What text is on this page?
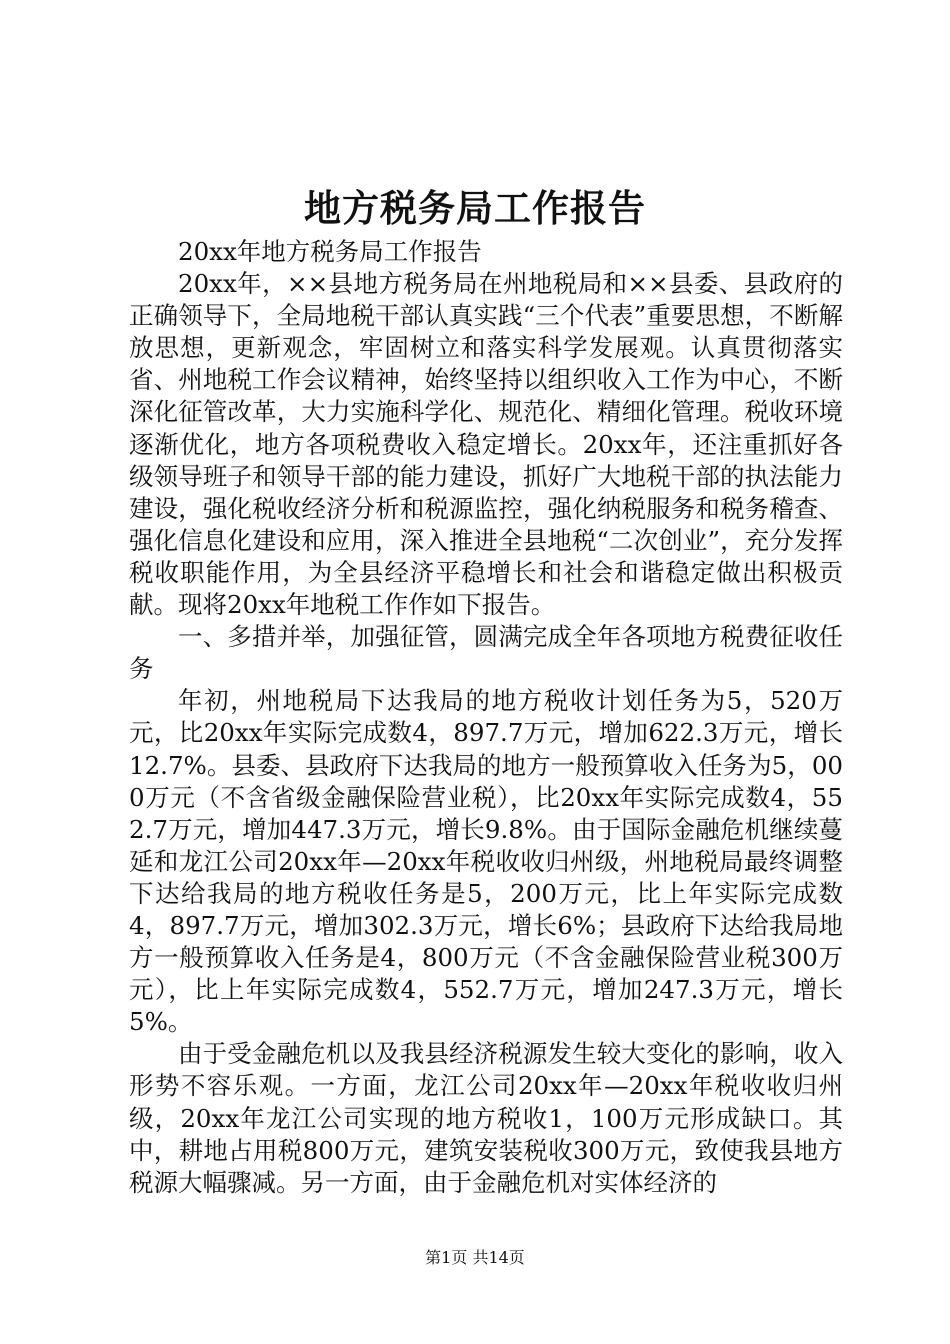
地方税务局工作报告

20xx年地方税务局工作报告

20xx年，××县地方税务局在州地税局和××县委、县政府的正确领导下，全局地税干部认真实践“三个代表”重要思想，不断解放思想，更新观念，牢固树立和落实科学发展观。认真贯彻落实省、州地税工作会议精神，始终坚持以组织收入工作为中心，不断深化征管改革，大力实施科学化、规范化、精细化管理。税收环境逐渐优化，地方各项税费收入稳定增长。20xx年，还注重抓好各级领导班子和领导干部的能力建设，抓好广大地税干部的执法能力建设，强化税收经济分析和税源监控，强化纳税服务和税务稽查、强化信息化建设和应用，深入推进全县地税“二次创业”，充分发挥税收职能作用，为全县经济平稳增长和社会和谐稳定做出积极贡献。现将20xx年地税工作作如下报告。

一、多措并举，加强征管，圆满完成全年各项地方税费征收任务

年初，州地税局下达我局的地方税收计划任务为5，520万元，比20xx年实际完成数4，897.7万元，增加622.3万元，增长12.7%。县委、县政府下达我局的地方一般预算收入任务为5，000万元（不含省级金融保险营业税），比20xx年实际完成数4，552.7万元，增加447.3万元，增长9.8%。由于国际金融危机继续蔓延和龙江公司20xx年—20xx年税收收归州级，州地税局最终调整下达给我局的地方税收任务是5，200万元，比上年实际完成数4，897.7万元，增加302.3万元，增长6%；县政府下达给我局地方一般预算收入任务是4，800万元（不含金融保险营业税300万元），比上年实际完成数4，552.7万元，增加247.3万元，增长5%。

由于受金融危机以及我县经济税源发生较大变化的影响，收入形势不容乐观。一方面，龙江公司20xx年—20xx年税收收归州级，20xx年龙江公司实现的地方税收1，100万元形成缺口。其中，耕地占用税800万元，建筑安装税收300万元，致使我县地方税源大幅骤减。另一方面，由于金融危机对实体经济的

第1页 共14页
